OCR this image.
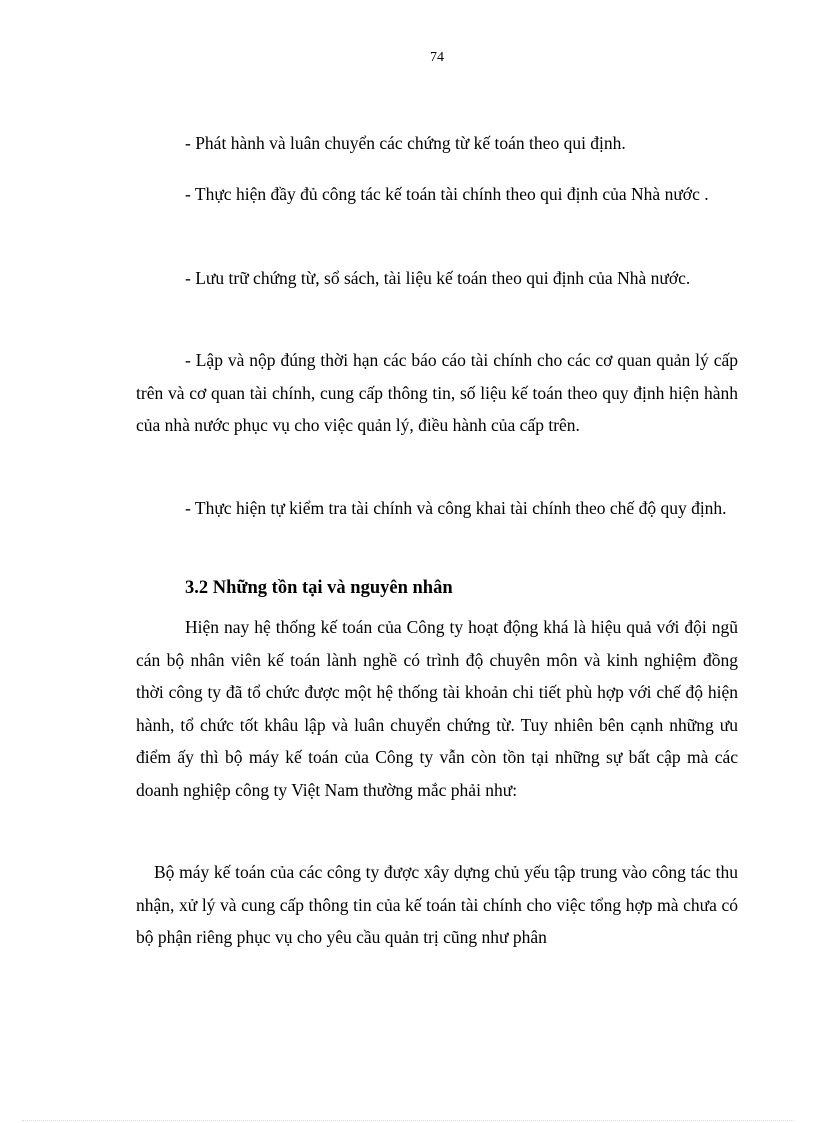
74

- Phát hành và luân chuyển các chứng từ kế toán theo qui định.

- Thực hiện đầy đủ công tác kế toán tài chính theo qui định của Nhà nước .

- Lưu trữ chứng từ, sổ sách, tài liệu kế toán theo qui định của Nhà nước.

- Lập và nộp đúng thời hạn các báo cáo tài chính cho các cơ quan quản lý cấp trên và cơ quan tài chính, cung cấp thông tin, số liệu kế toán theo quy định hiện hành của nhà nước phục vụ cho việc quản lý, điều hành của cấp trên.

- Thực hiện tự kiểm tra tài chính và công khai tài chính theo chế độ quy định.

3.2 Những tồn tại và nguyên nhân

Hiện nay hệ thống kế toán của Công ty hoạt động khá là hiệu quả với đội ngũ cán bộ nhân viên kế toán lành nghề có trình độ chuyên môn và kinh nghiệm đồng thời công ty đã tổ chức được một hệ thống tài khoản chi tiết phù hợp với chế độ hiện hành, tổ chức tốt khâu lập và luân chuyển chứng từ. Tuy nhiên bên cạnh những ưu điểm ấy thì bộ máy kế toán của Công ty vẫn còn tồn tại những sự bất cập mà các doanh nghiệp công ty Việt Nam thường mắc phải như:

Bộ máy kế toán của các công ty được xây dựng chủ yếu tập trung vào công tác thu nhận, xử lý và cung cấp thông tin của kế toán tài chính cho việc tổng hợp mà chưa có bộ phận riêng phục vụ cho yêu cầu quản trị cũng như phân
